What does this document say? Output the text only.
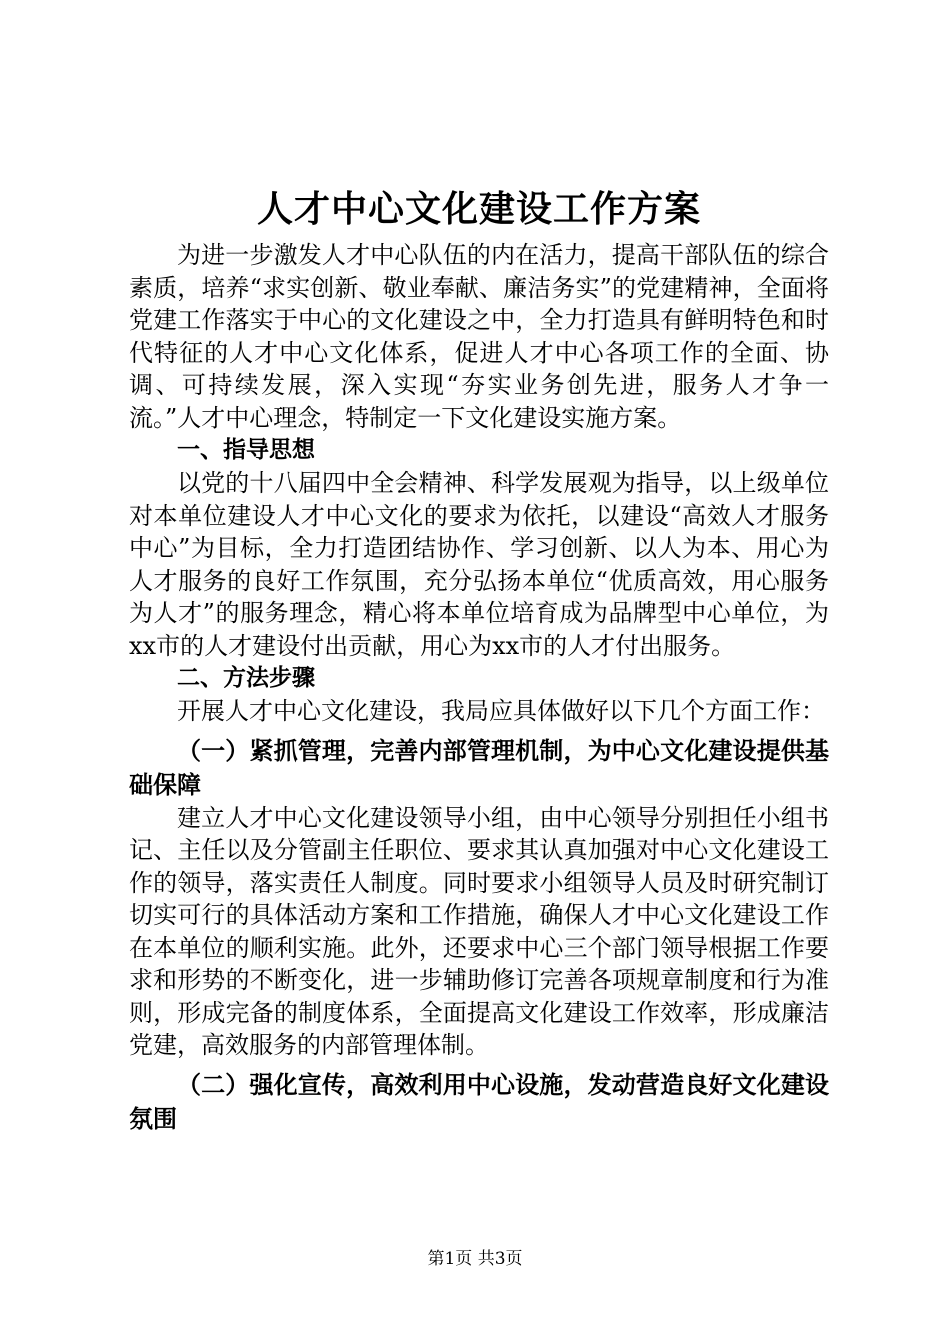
人才中心文化建设工作方案

为进一步激发人才中心队伍的内在活力，提高干部队伍的综合素质，培养“求实创新、敬业奉献、廉洁务实”的党建精神，全面将党建工作落实于中心的文化建设之中，全力打造具有鲜明特色和时代特征的人才中心文化体系，促进人才中心各项工作的全面、协调、可持续发展，深入实现“夯实业务创先进，服务人才争一流。”人才中心理念，特制定一下文化建设实施方案。

一、指导思想

以党的十八届四中全会精神、科学发展观为指导，以上级单位对本单位建设人才中心文化的要求为依托，以建设“高效人才服务中心”为目标，全力打造团结协作、学习创新、以人为本、用心为人才服务的良好工作氛围，充分弘扬本单位“优质高效，用心服务为人才”的服务理念，精心将本单位培育成为品牌型中心单位，为xx市的人才建设付出贡献，用心为xx市的人才付出服务。

二、方法步骤

开展人才中心文化建设，我局应具体做好以下几个方面工作：

（一）紧抓管理，完善内部管理机制，为中心文化建设提供基础保障

建立人才中心文化建设领导小组，由中心领导分别担任小组书记、主任以及分管副主任职位、要求其认真加强对中心文化建设工作的领导，落实责任人制度。同时要求小组领导人员及时研究制订切实可行的具体活动方案和工作措施，确保人才中心文化建设工作在本单位的顺利实施。此外，还要求中心三个部门领导根据工作要求和形势的不断变化，进一步辅助修订完善各项规章制度和行为准则，形成完备的制度体系，全面提高文化建设工作效率，形成廉洁党建，高效服务的内部管理体制。

（二）强化宣传，高效利用中心设施，发动营造良好文化建设氛围

第1页 共3页
